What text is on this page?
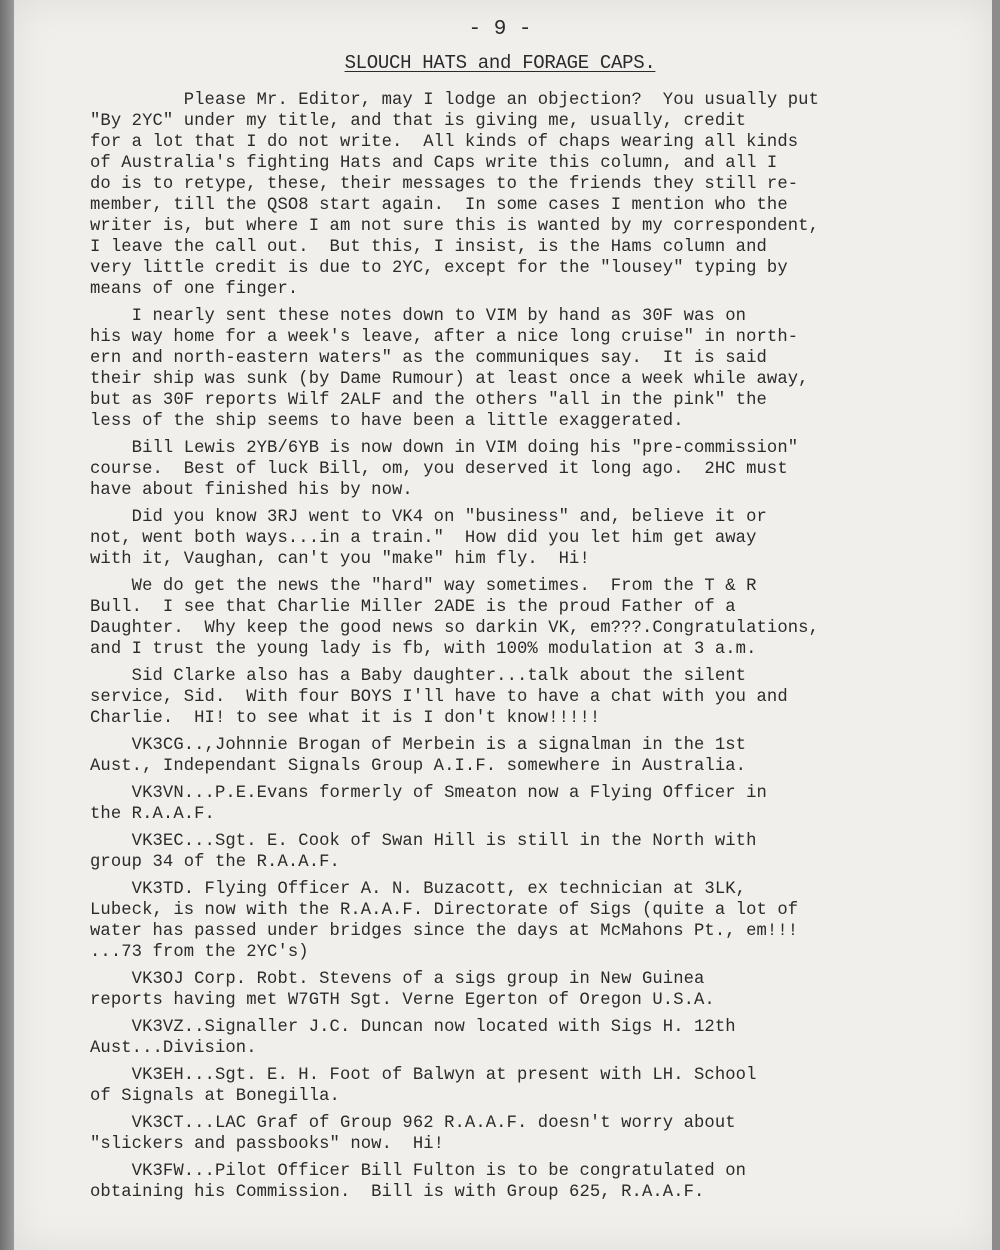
- 9 -
SLOUCH HATS and FORAGE CAPS.
Please Mr. Editor, may I lodge an objection?  You usually put
"By 2YC" under my title, and that is giving me, usually, credit
for a lot that I do not write.  All kinds of chaps wearing all kinds
of Australia's fighting Hats and Caps write this column, and all I
do is to retype, these, their messages to the friends they still re-
member, till the QSO8 start again.  In some cases I mention who the
writer is, but where I am not sure this is wanted by my correspondent,
I leave the call out.  But this, I insist, is the Hams column and
very little credit is due to 2YC, except for the "lousey" typing by
means of one finger.
I nearly sent these notes down to VIM by hand as 30F was on
his way home for a week's leave, after a nice long cruise" in north-
ern and north-eastern waters" as the communiques say.  It is said
their ship was sunk (by Dame Rumour) at least once a week while away,
but as 30F reports Wilf 2ALF and the others "all in the pink" the
less of the ship seems to have been a little exaggerated.
Bill Lewis 2YB/6YB is now down in VIM doing his "pre-commission"
course.  Best of luck Bill, om, you deserved it long ago.  2HC must
have about finished his by now.
Did you know 3RJ went to VK4 on "business" and, believe it or
not, went both ways...in a train."  How did you let him get away
with it, Vaughan, can't you "make" him fly.  Hi!
We do get the news the "hard" way sometimes.  From the T & R
Bull.  I see that Charlie Miller 2ADE is the proud Father of a
Daughter.  Why keep the good news so darkin VK, em???.Congratulations,
and I trust the young lady is fb, with 100% modulation at 3 a.m.
Sid Clarke also has a Baby daughter...talk about the silent
service, Sid.  With four BOYS I'll have to have a chat with you and
Charlie.  HI! to see what it is I don't know!!!!!
VK3CG..,Johnnie Brogan of Merbein is a signalman in the 1st
Aust., Independant Signals Group A.I.F. somewhere in Australia.
VK3VN...P.E.Evans formerly of Smeaton now a Flying Officer in
the R.A.A.F.
VK3EC...Sgt. E. Cook of Swan Hill is still in the North with
group 34 of the R.A.A.F.
VK3TD. Flying Officer A. N. Buzacott, ex technician at 3LK,
Lubeck, is now with the R.A.A.F. Directorate of Sigs (quite a lot of
water has passed under bridges since the days at McMahons Pt., em!!!
...73 from the 2YC's)
VK3OJ Corp. Robt. Stevens of a sigs group in New Guinea
reports having met W7GTH Sgt. Verne Egerton of Oregon U.S.A.
VK3VZ..Signaller J.C. Duncan now located with Sigs H. 12th
Aust...Division.
VK3EH...Sgt. E. H. Foot of Balwyn at present with LH. School
of Signals at Bonegilla.
VK3CT...LAC Graf of Group 962 R.A.A.F. doesn't worry about
"slickers and passbooks" now.  Hi!
VK3FW...Pilot Officer Bill Fulton is to be congratulated on
obtaining his Commission.  Bill is with Group 625, R.A.A.F.
